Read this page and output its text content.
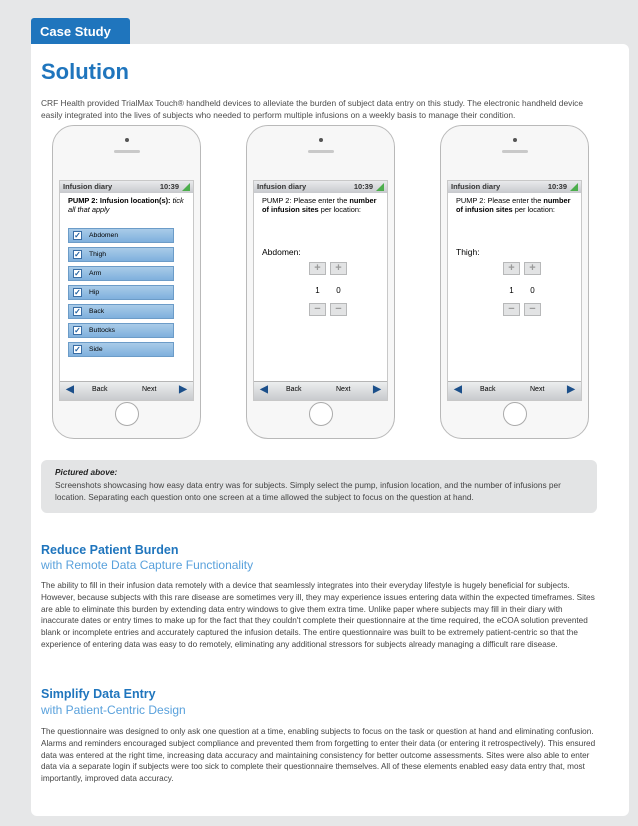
Case Study
Solution

CRF Health provided TrialMax Touch® handheld devices to alleviate the burden of subject data entry on this study. The electronic handheld device easily integrated into the lives of subjects who needed to perform multiple infusions on a weekly basis to manage their condition.

Infusion diary	10:39
PUMP 2: Infusion location(s): tick all that apply
✓ Abdomen
✓ Thigh
✓ Arm
✓ Hip
✓ Back
✓ Buttocks
✓ Side
◀	Back	Next ▶
Infusion diary	10:39
PUMP 2: Please enter the number of infusion sites per location:
Abdomen:
+	+
1	0
−	−
◀	Back	Next ▶
Infusion diary	10:39
PUMP 2: Please enter the number of infusion sites per location:
Thigh:
+	+
1	0
−	−
◀	Back	Next ▶
Pictured above:

Screenshots showcasing how easy data entry was for subjects. Simply select the pump, infusion location, and the number of infusions per location. Separating each question onto one screen at a time allowed the subject to focus on the question at hand.

Reduce Patient Burden
with Remote Data Capture Functionality

The ability to fill in their infusion data remotely with a device that seamlessly integrates into their everyday lifestyle is hugely beneficial for subjects. However, because subjects with this rare disease are sometimes very ill, they may experience issues entering data within the expected timeframes. Sites are able to eliminate this burden by extending data entry windows to give them extra time. Unlike paper where subjects may fill in their diary with inaccurate dates or entry times to make up for the fact that they couldn't complete their questionnaire at the time required, the eCOA solution prevented blank or incomplete entries and accurately captured the infusion details. The entire questionnaire was built to be extremely patient-centric so that the experience of entering data was easy to do remotely, eliminating any additional stressors for subjects already managing a difficult rare disease.

Simplify Data Entry
with Patient-Centric Design

The questionnaire was designed to only ask one question at a time, enabling subjects to focus on the task or question at hand and eliminating confusion. Alarms and reminders encouraged subject compliance and prevented them from forgetting to enter their data (or entering it retrospectively). This ensured data was entered at the right time, increasing data accuracy and maintaining consistency for better outcome assessments. Sites were also able to enter data via a separate login if subjects were too sick to complete their questionnaire themselves. All of these elements enabled easy data entry that, most importantly, improved data accuracy.
